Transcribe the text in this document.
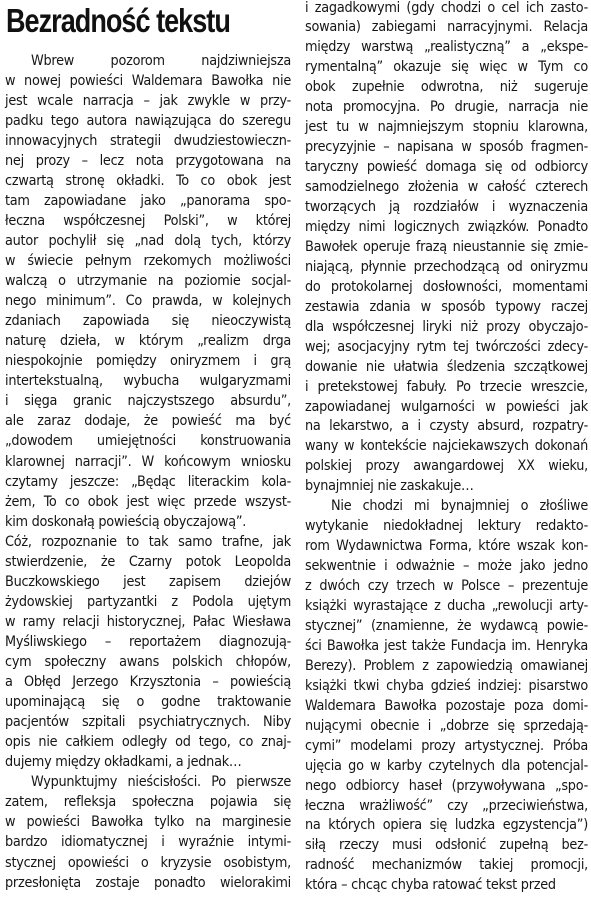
Bezradność tekstu
Wbrew pozorom najdziwniejsza
w nowej powieści Waldemara Bawołka nie
jest wcale narracja – jak zwykle w przy-
padku tego autora nawiązująca do szeregu
innowacyjnych strategii dwudziestowieczn-
nej prozy – lecz nota przygotowana na
czwartą stronę okładki. To co obok jest
tam zapowiadane jako „panorama spo-
łeczna współczesnej Polski”, w której
autor pochylił się „nad dolą tych, którzy
w świecie pełnym rzekomych możliwości
walczą o utrzymanie na poziomie socjal-
nego minimum”. Co prawda, w kolejnych
zdaniach zapowiada się nieoczywistą
naturę dzieła, w którym „realizm drga
niespokojnie pomiędzy oniryzmem i grą
intertekstualną, wybucha wulgaryzmami
i sięga granic najczystszego absurdu”,
ale zaraz dodaje, że powieść ma być
„dowodem umiejętności konstruowania
klarownej narracji”. W końcowym wniosku
czytamy jeszcze: „Będąc literackim kola-
żem, To co obok jest więc przede wszyst-
kim doskonałą powieścią obyczajową”.
Cóż, rozpoznanie to tak samo trafne, jak
stwierdzenie, że Czarny potok Leopolda
Buczkowskiego jest zapisem dziejów
żydowskiej partyzantki z Podola ujętym
w ramy relacji historycznej, Pałac Wiesława
Myśliwskiego – reportażem diagnozują-
cym społeczny awans polskich chłopów,
a Obłęd Jerzego Krzysztonia – powieścią
upominającą się o godne traktowanie
pacjentów szpitali psychiatrycznych. Niby
opis nie całkiem odległy od tego, co znaj-
dujemy między okładkami, a jednak…
Wypunktujmy nieścisłości. Po pierwsze
zatem, refleksja społeczna pojawia się
w powieści Bawołka tylko na marginesie
bardzo idiomatycznej i wyraźnie intymi-
stycznej opowieści o kryzysie osobistym,
przesłonięta zostaje ponadto wielorakimi
i zagadkowymi (gdy chodzi o cel ich zasto-
sowania) zabiegami narracyjnymi. Relacja
między warstwą „realistyczną” a „ekspe-
rymentalną” okazuje się więc w Tym co
obok zupełnie odwrotna, niż sugeruje
nota promocyjna. Po drugie, narracja nie
jest tu w najmniejszym stopniu klarowna,
precyzyjnie – napisana w sposób fragmen-
taryczny powieść domaga się od odbiorcy
samodzielnego złożenia w całość czterech
tworzących ją rozdziałów i wyznaczenia
między nimi logicznych związków. Ponadto
Bawołek operuje frazą nieustannie się zmie-
niającą, płynnie przechodzącą od oniryzmu
do protokolarnej dosłowności, momentami
zestawia zdania w sposób typowy raczej
dla współczesnej liryki niż prozy obyczajo-
wej; asocjacyjny rytm tej twórczości zdecy-
dowanie nie ułatwia śledzenia szczątkowej
i pretekstowej fabuły. Po trzecie wreszcie,
zapowiadanej wulgarności w powieści jak
na lekarstwo, a i czysty absurd, rozpatry-
wany w kontekście najciekawszych dokonań
polskiej prozy awangardowej XX wieku,
bynajmniej nie zaskakuje…
Nie chodzi mi bynajmniej o złośliwe
wytykanie niedokładnej lektury redakto-
rom Wydawnictwa Forma, które wszak kon-
sekwentnie i odważnie – może jako jedno
z dwóch czy trzech w Polsce – prezentuje
książki wyrastające z ducha „rewolucji arty-
stycznej” (znamienne, że wydawcą powie-
ści Bawołka jest także Fundacja im. Henryka
Berezy). Problem z zapowiedzią omawianej
książki tkwi chyba gdzieś indziej: pisarstwo
Waldemara Bawołka pozostaje poza domi-
nującymi obecnie i „dobrze się sprzedają-
cymi” modelami prozy artystycznej. Próba
ujęcia go w karby czytelnych dla potencjal-
nego odbiorcy haseł (przywoływana „spo-
łeczna wrażliwość” czy „przeciwieństwa,
na których opiera się ludzka egzystencja”)
siłą rzeczy musi odsłonić zupełną bez-
radność mechanizmów takiej promocji,
która – chcąc chyba ratować tekst przed
